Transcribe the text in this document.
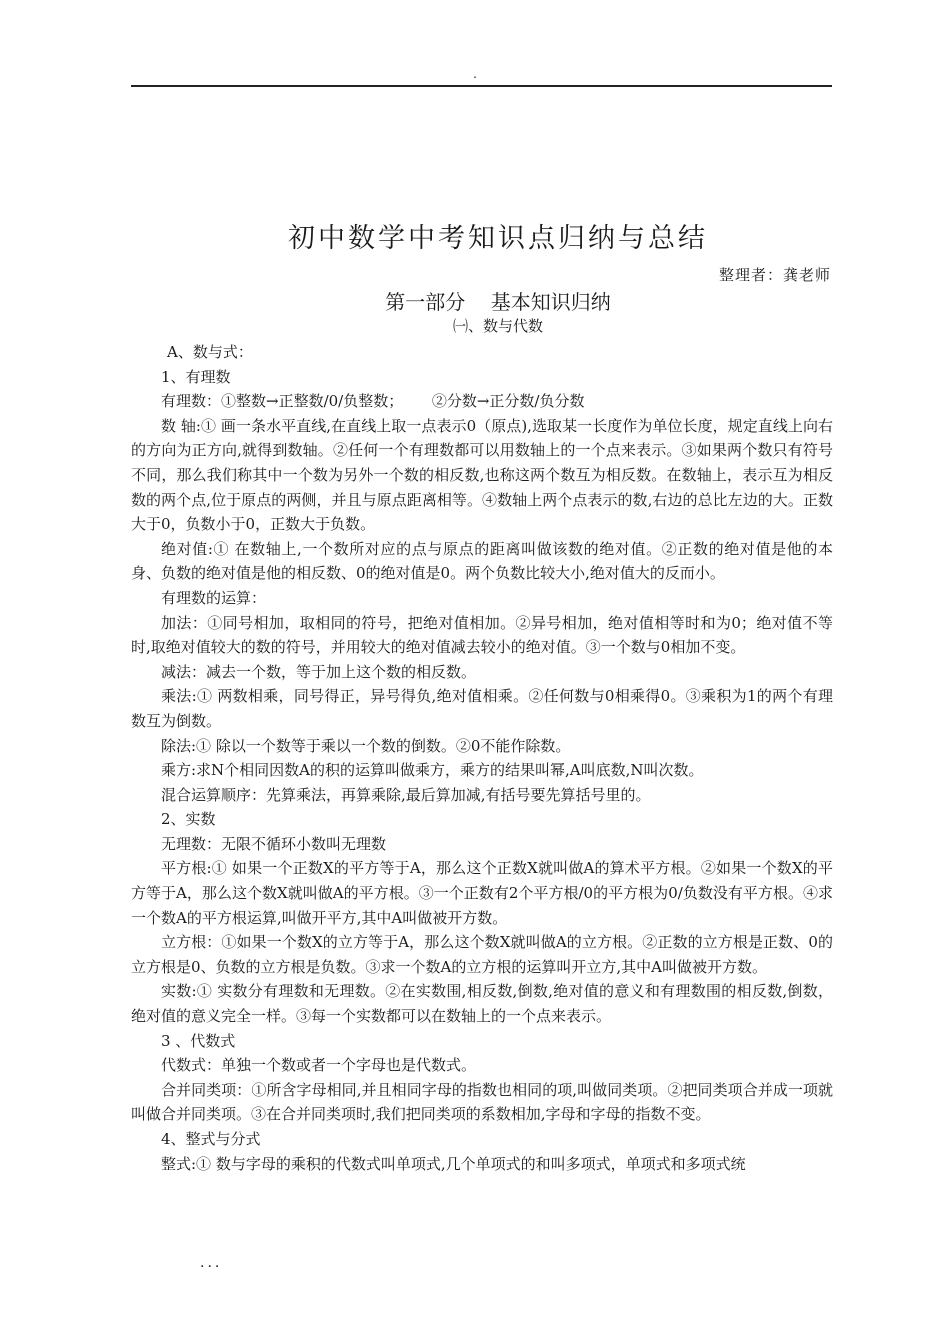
.
初中数学中考知识点归纳与总结
整理者：龚老师
第一部分    基本知识归纳
㈠、数与代数

A、数与式：

1、有理数

有理数：①整数→正整数/0/负整数；      ②分数→正分数/负分数

数 轴:① 画一条水平直线,在直线上取一点表示0（原点),选取某一长度作为单位长度，规定直线上向右的方向为正方向,就得到数轴。②任何一个有理数都可以用数轴上的一个点来表示。③如果两个数只有符号不同，那么我们称其中一个数为另外一个数的相反数,也称这两个数互为相反数。在数轴上，表示互为相反数的两个点,位于原点的两侧，并且与原点距离相等。④数轴上两个点表示的数,右边的总比左边的大。正数大于0，负数小于0，正数大于负数。

绝对值:① 在数轴上,一个数所对应的点与原点的距离叫做该数的绝对值。②正数的绝对值是他的本身、负数的绝对值是他的相反数、0的绝对值是0。两个负数比较大小,绝对值大的反而小。

有理数的运算：

加法：①同号相加，取相同的符号，把绝对值相加。②异号相加，绝对值相等时和为0；绝对值不等时,取绝对值较大的数的符号，并用较大的绝对值减去较小的绝对值。③一个数与0相加不变。

减法：减去一个数，等于加上这个数的相反数。

乘法:① 两数相乘，同号得正，异号得负,绝对值相乘。②任何数与0相乘得0。③乘积为1的两个有理数互为倒数。

除法:① 除以一个数等于乘以一个数的倒数。②0不能作除数。

乘方:求N个相同因数A的积的运算叫做乘方，乘方的结果叫幂,A叫底数,N叫次数。

混合运算顺序：先算乘法，再算乘除,最后算加减,有括号要先算括号里的。

2、实数

无理数：无限不循环小数叫无理数

平方根:① 如果一个正数X的平方等于A，那么这个正数X就叫做A的算术平方根。②如果一个数X的平方等于A，那么这个数X就叫做A的平方根。③一个正数有2个平方根/0的平方根为0/负数没有平方根。④求一个数A的平方根运算,叫做开平方,其中A叫做被开方数。

立方根：①如果一个数X的立方等于A，那么这个数X就叫做A的立方根。②正数的立方根是正数、0的立方根是0、负数的立方根是负数。③求一个数A的立方根的运算叫开立方,其中A叫做被开方数。

实数:① 实数分有理数和无理数。②在实数围,相反数,倒数,绝对值的意义和有理数围的相反数,倒数，绝对值的意义完全一样。③每一个实数都可以在数轴上的一个点来表示。

3 、代数式

代数式：单独一个数或者一个字母也是代数式。

合并同类项：①所含字母相同,并且相同字母的指数也相同的项,叫做同类项。②把同类项合并成一项就叫做合并同类项。③在合并同类项时,我们把同类项的系数相加,字母和字母的指数不变。

4、整式与分式

整式:① 数与字母的乘积的代数式叫单项式,几个单项式的和叫多项式，单项式和多项式统

...
